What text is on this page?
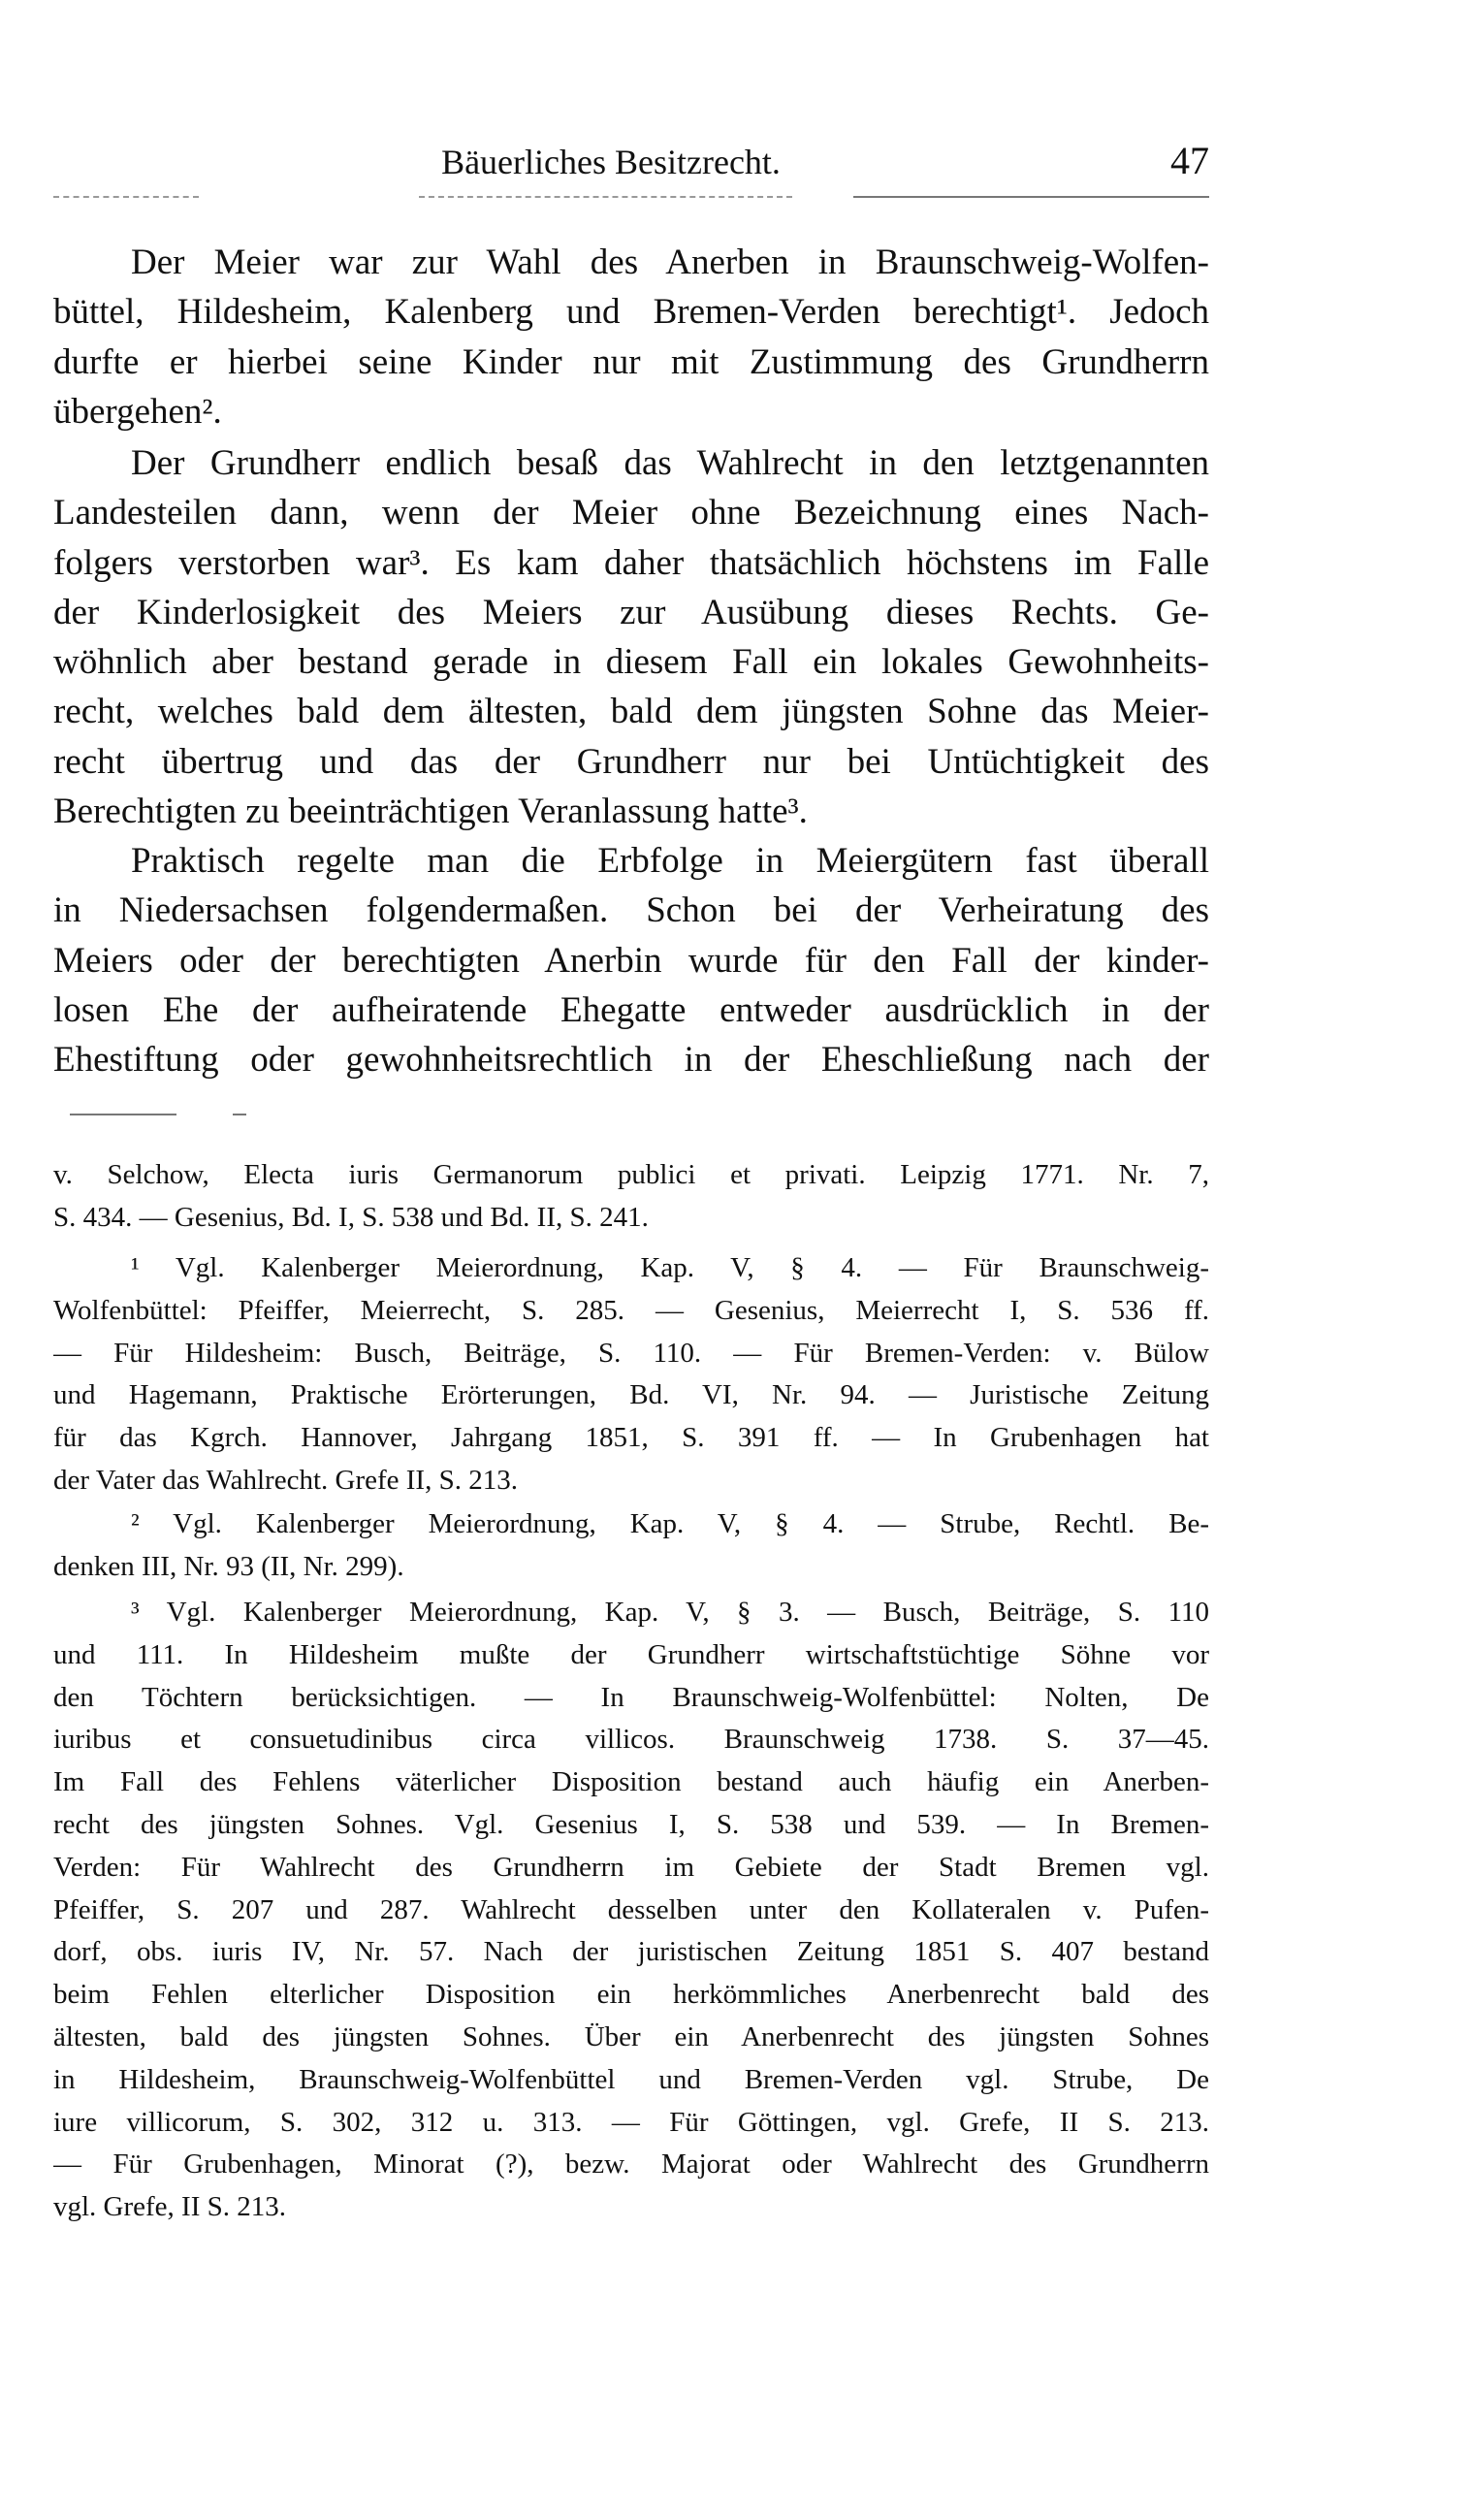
Bäuerliches Besitzrecht.	47
Der Meier war zur Wahl des Anerben in Braunschweig-Wolfen-
büttel, Hildesheim, Kalenberg und Bremen-Verden berechtigt¹. Jedoch
durfte er hierbei seine Kinder nur mit Zustimmung des Grundherrn
übergehen².
Der Grundherr endlich besaß das Wahlrecht in den letztgenannten
Landesteilen dann, wenn der Meier ohne Bezeichnung eines Nach-
folgers verstorben war³. Es kam daher thatsächlich höchstens im Falle
der Kinderlosigkeit des Meiers zur Ausübung dieses Rechts. Ge-
wöhnlich aber bestand gerade in diesem Fall ein lokales Gewohnheits-
recht, welches bald dem ältesten, bald dem jüngsten Sohne das Meier-
recht übertrug und das der Grundherr nur bei Untüchtigkeit des
Berechtigten zu beeinträchtigen Veranlassung hatte³.
Praktisch regelte man die Erbfolge in Meiergütern fast überall
in Niedersachsen folgendermaßen. Schon bei der Verheiratung des
Meiers oder der berechtigten Anerbin wurde für den Fall der kinder-
losen Ehe der aufheiratende Ehegatte entweder ausdrücklich in der
Ehestiftung oder gewohnheitsrechtlich in der Eheschließung nach der
v. Selchow, Electa iuris Germanorum publici et privati. Leipzig 1771. Nr. 7,
S. 434. — Gesenius, Bd. I, S. 538 und Bd. II, S. 241.
¹ Vgl. Kalenberger Meierordnung, Kap. V, § 4. — Für Braunschweig-
Wolfenbüttel: Pfeiffer, Meierrecht, S. 285. — Gesenius, Meierrecht I, S. 536 ff.
— Für Hildesheim: Busch, Beiträge, S. 110. — Für Bremen-Verden: v. Bülow
und Hagemann, Praktische Erörterungen, Bd. VI, Nr. 94. — Juristische Zeitung
für das Kgrch. Hannover, Jahrgang 1851, S. 391 ff. — In Grubenhagen hat
der Vater das Wahlrecht. Grefe II, S. 213.
² Vgl. Kalenberger Meierordnung, Kap. V, § 4. — Strube, Rechtl. Be-
denken III, Nr. 93 (II, Nr. 299).
³ Vgl. Kalenberger Meierordnung, Kap. V, § 3. — Busch, Beiträge, S. 110
und 111. In Hildesheim mußte der Grundherr wirtschaftstüchtige Söhne vor
den Töchtern berücksichtigen. — In Braunschweig-Wolfenbüttel: Nolten, De
iuribus et consuetudinibus circa villicos. Braunschweig 1738. S. 37—45.
Im Fall des Fehlens väterlicher Disposition bestand auch häufig ein Anerben-
recht des jüngsten Sohnes. Vgl. Gesenius I, S. 538 und 539. — In Bremen-
Verden: Für Wahlrecht des Grundherrn im Gebiete der Stadt Bremen vgl.
Pfeiffer, S. 207 und 287. Wahlrecht desselben unter den Kollateralen v. Pufen-
dorf, obs. iuris IV, Nr. 57. Nach der juristischen Zeitung 1851 S. 407 bestand
beim Fehlen elterlicher Disposition ein herkömmliches Anerbenrecht bald des
ältesten, bald des jüngsten Sohnes. Über ein Anerbenrecht des jüngsten Sohnes
in Hildesheim, Braunschweig-Wolfenbüttel und Bremen-Verden vgl. Strube, De
iure villicorum, S. 302, 312 u. 313. — Für Göttingen, vgl. Grefe, II S. 213.
— Für Grubenhagen, Minorat (?), bezw. Majorat oder Wahlrecht des Grundherrn
vgl. Grefe, II S. 213.
